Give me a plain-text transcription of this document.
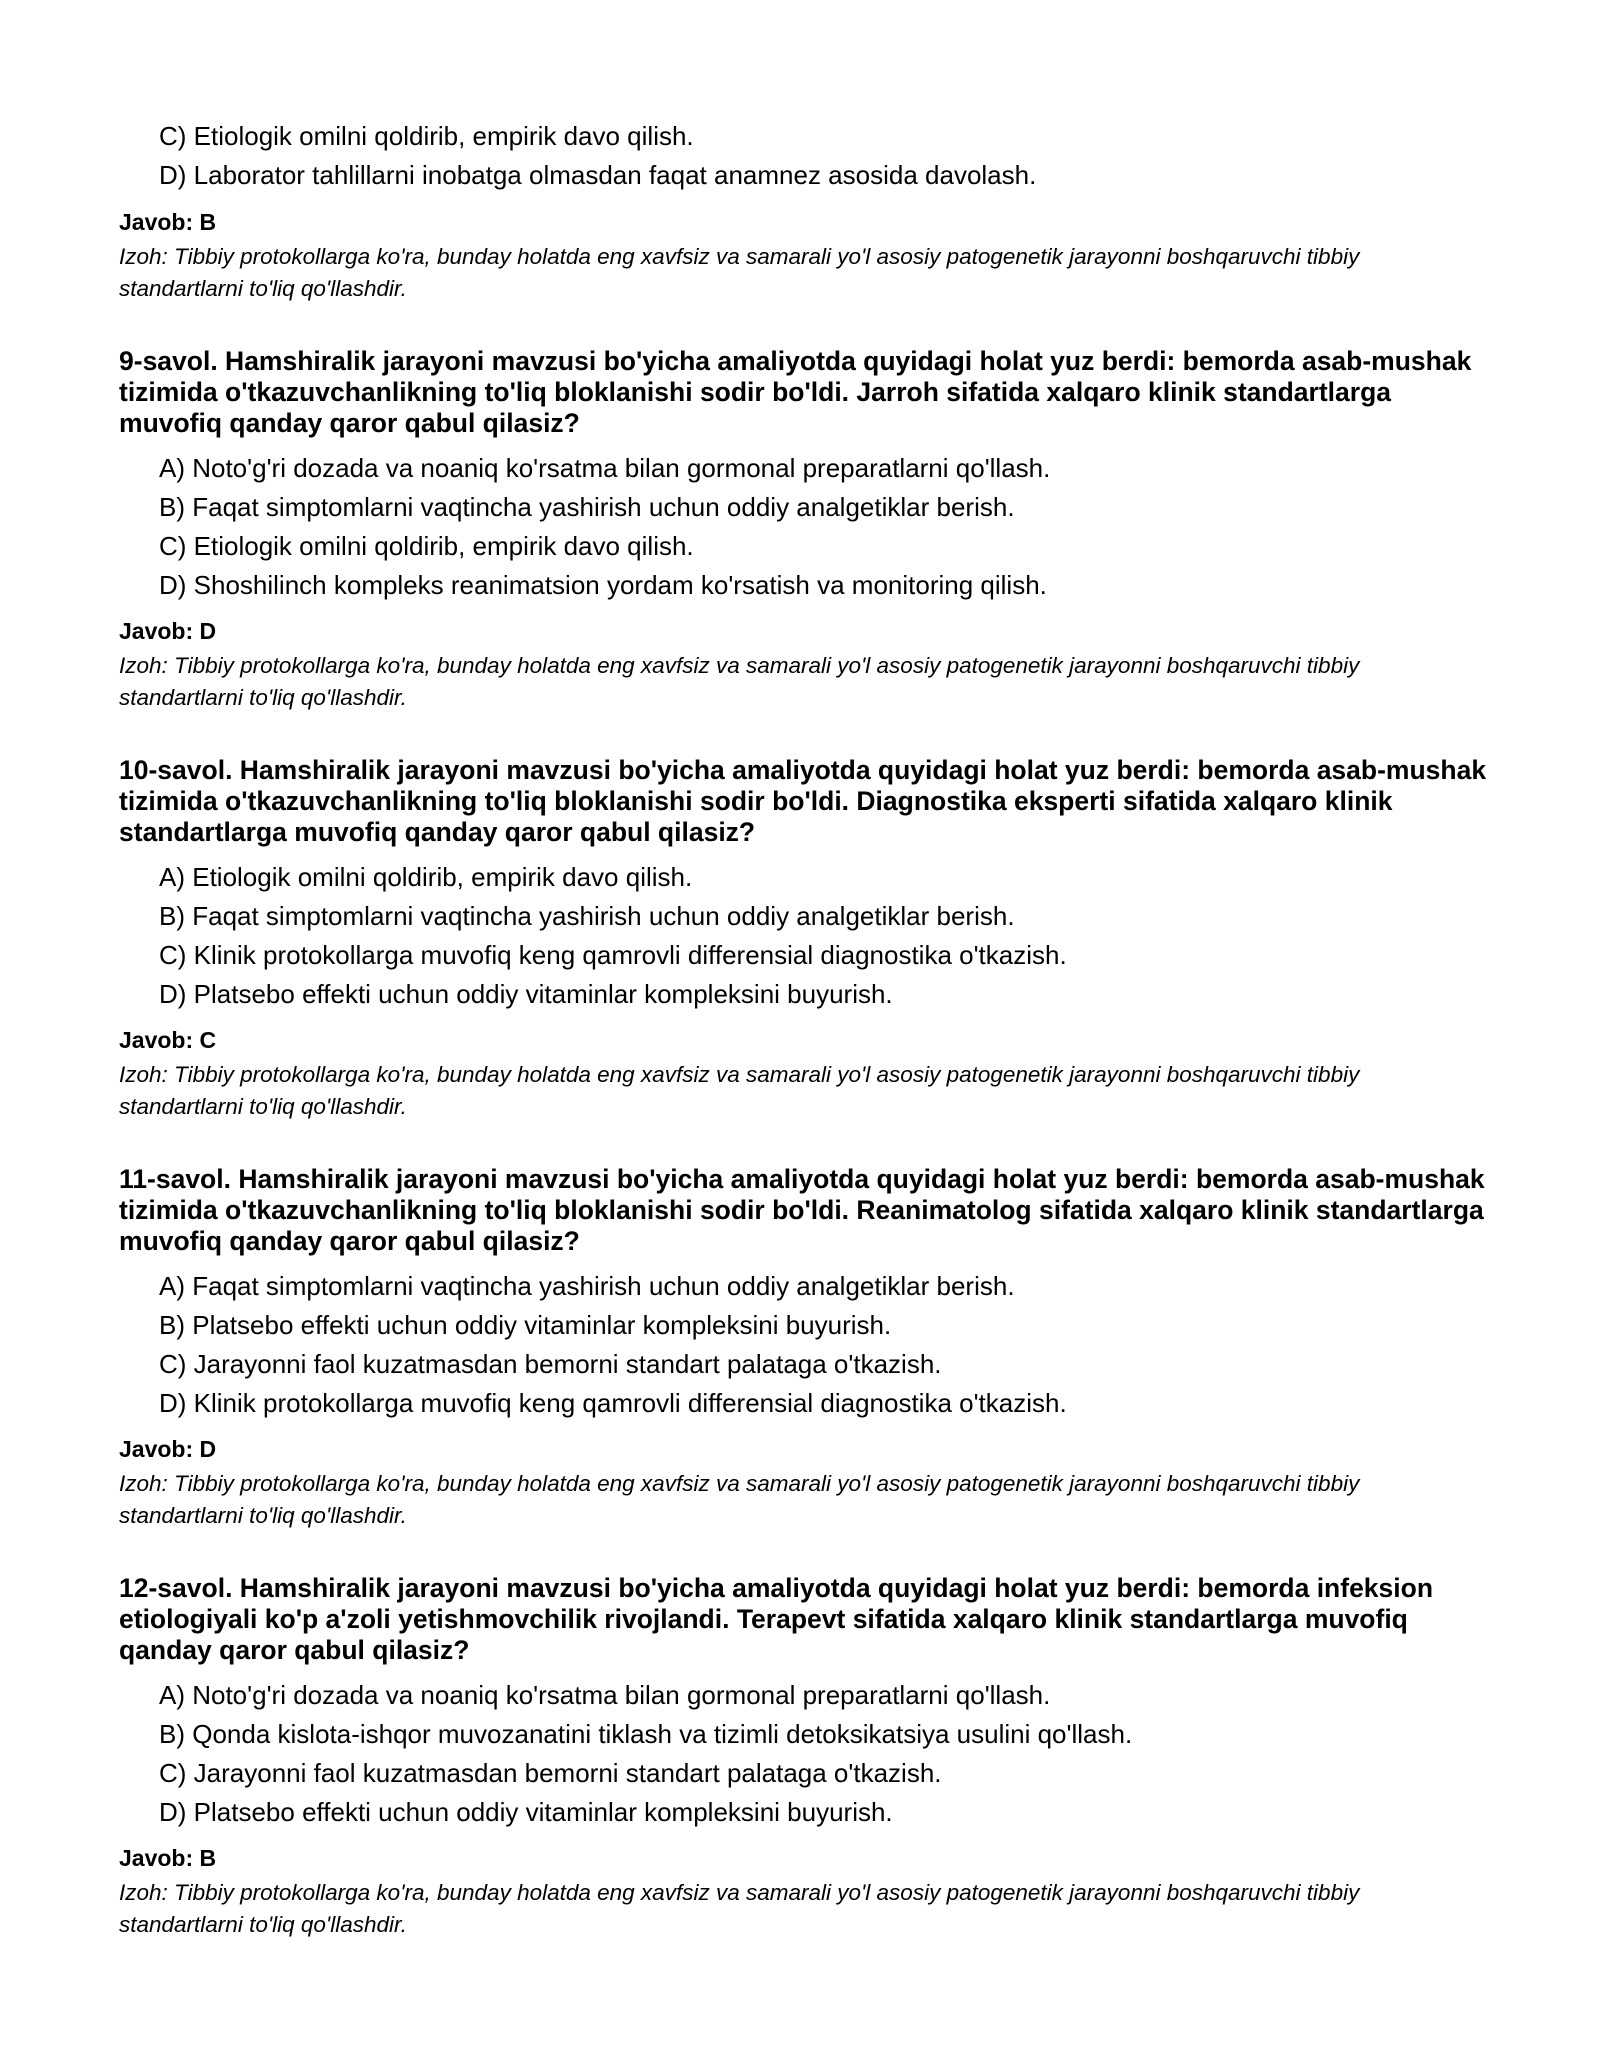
C) Etiologik omilni qoldirib, empirik davo qilish.
D) Laborator tahlillarni inobatga olmasdan faqat anamnez asosida davolash.
Javob: B
Izoh: Tibbiy protokollarga ko'ra, bunday holatda eng xavfsiz va samarali yo'l asosiy patogenetik jarayonni boshqaruvchi tibbiy standartlarni to'liq qo'llashdir.
9-savol. Hamshiralik jarayoni mavzusi bo'yicha amaliyotda quyidagi holat yuz berdi: bemorda asab-mushak tizimida o'tkazuvchanlikning to'liq bloklanishi sodir bo'ldi. Jarroh sifatida xalqaro klinik standartlarga muvofiq qanday qaror qabul qilasiz?
A) Noto'g'ri dozada va noaniq ko'rsatma bilan gormonal preparatlarni qo'llash.
B) Faqat simptomlarni vaqtincha yashirish uchun oddiy analgetiklar berish.
C) Etiologik omilni qoldirib, empirik davo qilish.
D) Shoshilinch kompleks reanimatsion yordam ko'rsatish va monitoring qilish.
Javob: D
Izoh: Tibbiy protokollarga ko'ra, bunday holatda eng xavfsiz va samarali yo'l asosiy patogenetik jarayonni boshqaruvchi tibbiy standartlarni to'liq qo'llashdir.
10-savol. Hamshiralik jarayoni mavzusi bo'yicha amaliyotda quyidagi holat yuz berdi: bemorda asab-mushak tizimida o'tkazuvchanlikning to'liq bloklanishi sodir bo'ldi. Diagnostika eksperti sifatida xalqaro klinik standartlarga muvofiq qanday qaror qabul qilasiz?
A) Etiologik omilni qoldirib, empirik davo qilish.
B) Faqat simptomlarni vaqtincha yashirish uchun oddiy analgetiklar berish.
C) Klinik protokollarga muvofiq keng qamrovli differensial diagnostika o'tkazish.
D) Platsebo effekti uchun oddiy vitaminlar kompleksini buyurish.
Javob: C
Izoh: Tibbiy protokollarga ko'ra, bunday holatda eng xavfsiz va samarali yo'l asosiy patogenetik jarayonni boshqaruvchi tibbiy standartlarni to'liq qo'llashdir.
11-savol. Hamshiralik jarayoni mavzusi bo'yicha amaliyotda quyidagi holat yuz berdi: bemorda asab-mushak tizimida o'tkazuvchanlikning to'liq bloklanishi sodir bo'ldi. Reanimatolog sifatida xalqaro klinik standartlarga muvofiq qanday qaror qabul qilasiz?
A) Faqat simptomlarni vaqtincha yashirish uchun oddiy analgetiklar berish.
B) Platsebo effekti uchun oddiy vitaminlar kompleksini buyurish.
C) Jarayonni faol kuzatmasdan bemorni standart palataga o'tkazish.
D) Klinik protokollarga muvofiq keng qamrovli differensial diagnostika o'tkazish.
Javob: D
Izoh: Tibbiy protokollarga ko'ra, bunday holatda eng xavfsiz va samarali yo'l asosiy patogenetik jarayonni boshqaruvchi tibbiy standartlarni to'liq qo'llashdir.
12-savol. Hamshiralik jarayoni mavzusi bo'yicha amaliyotda quyidagi holat yuz berdi: bemorda infeksion etiologiyali ko'p a'zoli yetishmovchilik rivojlandi. Terapevt sifatida xalqaro klinik standartlarga muvofiq qanday qaror qabul qilasiz?
A) Noto'g'ri dozada va noaniq ko'rsatma bilan gormonal preparatlarni qo'llash.
B) Qonda kislota-ishqor muvozanatini tiklash va tizimli detoksikatsiya usulini qo'llash.
C) Jarayonni faol kuzatmasdan bemorni standart palataga o'tkazish.
D) Platsebo effekti uchun oddiy vitaminlar kompleksini buyurish.
Javob: B
Izoh: Tibbiy protokollarga ko'ra, bunday holatda eng xavfsiz va samarali yo'l asosiy patogenetik jarayonni boshqaruvchi tibbiy standartlarni to'liq qo'llashdir.
